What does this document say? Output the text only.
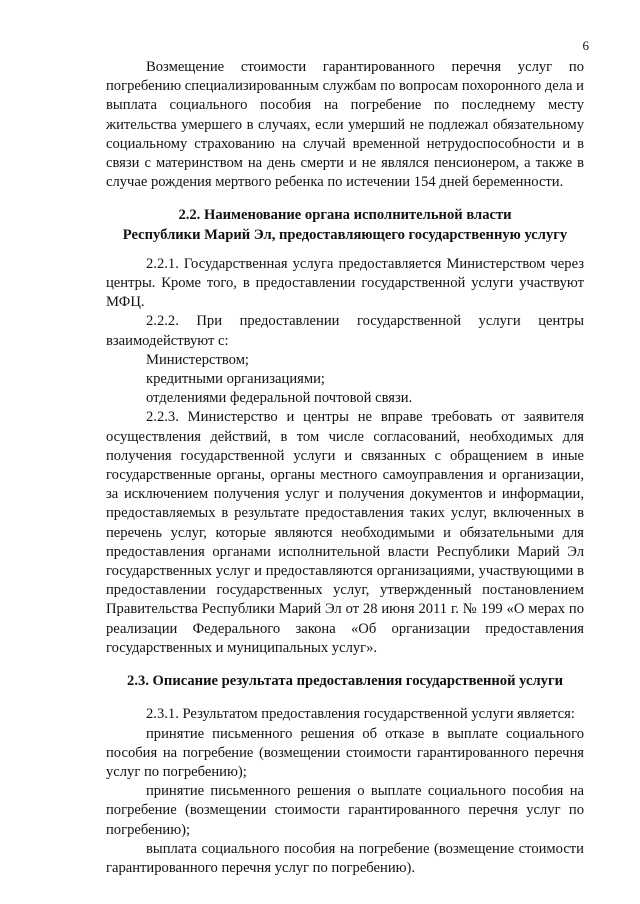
6

Возмещение стоимости гарантированного перечня услуг по погребению специализированным службам по вопросам похоронного дела и выплата социального пособия на погребение по последнему месту жительства умершего в случаях, если умерший не подлежал обязательному социальному страхованию на случай временной нетрудоспособности и в связи с материнством на день смерти и не являлся пенсионером, а также в случае рождения мертвого ребенка по истечении 154 дней беременности.

2.2. Наименование органа исполнительной власти
Республики Марий Эл, предоставляющего государственную услугу

2.2.1. Государственная услуга предоставляется Министерством через центры. Кроме того, в предоставлении государственной услуги участвуют МФЦ.

2.2.2. При предоставлении государственной услуги центры взаимодействуют с:

Министерством;

кредитными организациями;

отделениями федеральной почтовой связи.

2.2.3. Министерство и центры не вправе требовать от заявителя осуществления действий, в том числе согласований, необходимых для получения государственной услуги и связанных с обращением в иные государственные органы, органы местного самоуправления и организации, за исключением получения услуг и получения документов и информации, предоставляемых в результате предоставления таких услуг, включенных в перечень услуг, которые являются необходимыми и обязательными для предоставления органами исполнительной власти Республики Марий Эл государственных услуг и предоставляются организациями, участвующими в предоставлении государственных услуг, утвержденный постановлением Правительства Республики Марий Эл от 28 июня 2011 г. № 199 «О мерах по реализации Федерального закона «Об организации предоставления государственных и муниципальных услуг».

2.3. Описание результата предоставления государственной услуги

2.3.1. Результатом предоставления государственной услуги является:

принятие письменного решения об отказе в выплате социального пособия на погребение (возмещении стоимости гарантированного перечня услуг по погребению);

принятие письменного решения о выплате социального пособия на погребение (возмещении стоимости гарантированного перечня услуг по погребению);

выплата социального пособия на погребение (возмещение стоимости гарантированного перечня услуг по погребению).
